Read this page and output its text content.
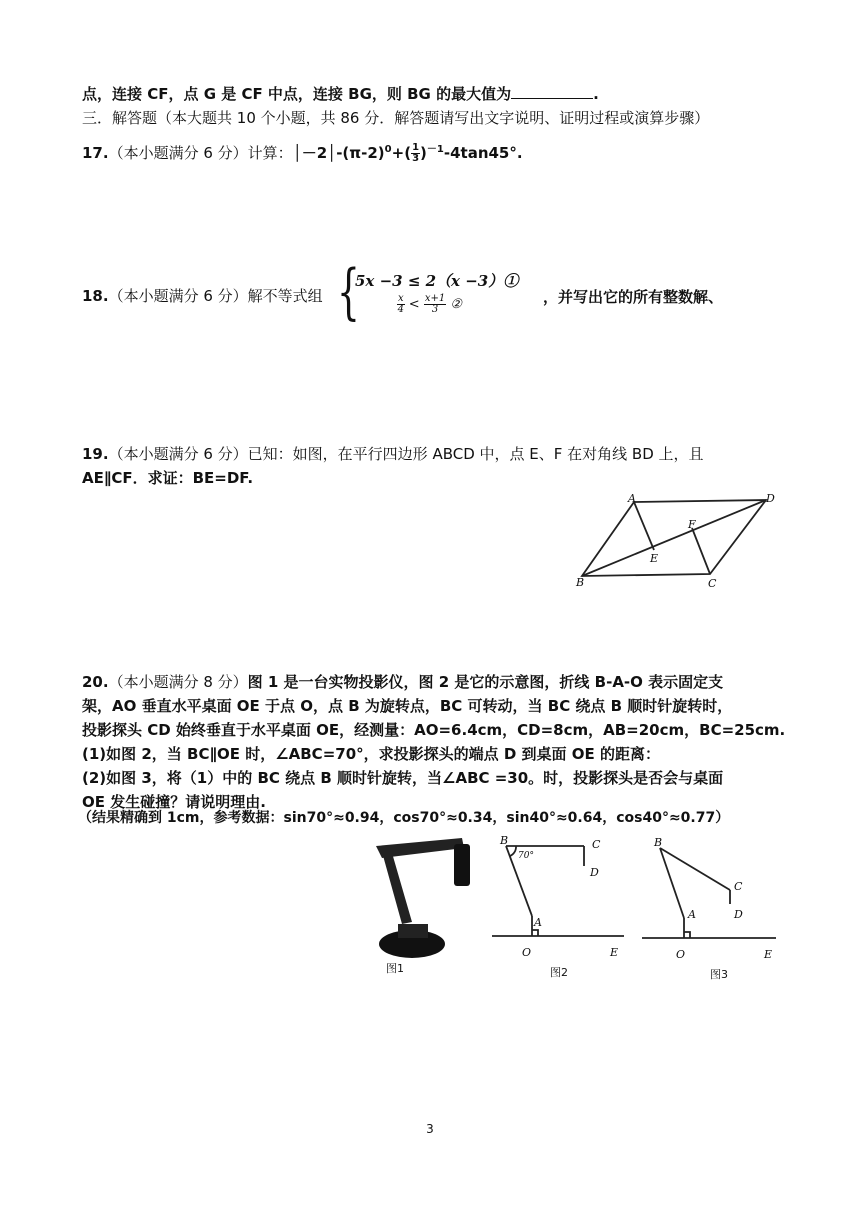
点，连接 CF，点 G 是 CF 中点，连接 BG，则 BG 的最大值为	.
三．解答题（本大题共 10 个小题，共 86 分．解答题请写出文字说明、证明过程或演算步骤）
17.（本小题满分 6 分）计算：$│-2│-(\pi-2)^0+( \frac{1}{3} )^{-1}-4\tan 45^\circ$.
18.（本小题满分 6 分）解不等式组 {
5x −3 ≤ 2（x −3）①
$\frac{x}{4} < \frac{x+1}{3}$ ②	，并写出它的所有整数解、
19.（本小题满分 6 分）已知：如图，在平行四边形 ABCD 中，点 E、F 在对角线 BD 上，且
AE∥CF．求证：BE=DF.
A	D
B	C
E
F
20.（本小题满分 8 分）图 1 是一台实物投影仪，图 2 是它的示意图，折线 B-A-O 表示固定支
架，AO 垂直水平桌面 OE 于点 O，点 B 为旋转点，BC 可转动，当 BC 绕点 B 顺时针旋转时，
投影探头 CD 始终垂直于水平桌面 OE，经测量：AO=6.4cm，CD=8cm，AB=20cm，BC=25cm.
(1)如图 2，当 BC∥OE 时，∠ABC=70°，求投影探头的端点 D 到桌面 OE 的距离：
(2)如图 3，将（1）中的 BC 绕点 B 顺时针旋转，当∠ABC =30。时，投影探头是否会与桌面
OE 发生碰撞？请说明理由.
（结果精确到 1cm，参考数据：sin70°≈0.94，cos70°≈0.34，sin40°≈0.64，cos40°≈0.77）
图1
B
70°
C
D
A
O	E
图2
B
C
D
A
O	E
图3
3
